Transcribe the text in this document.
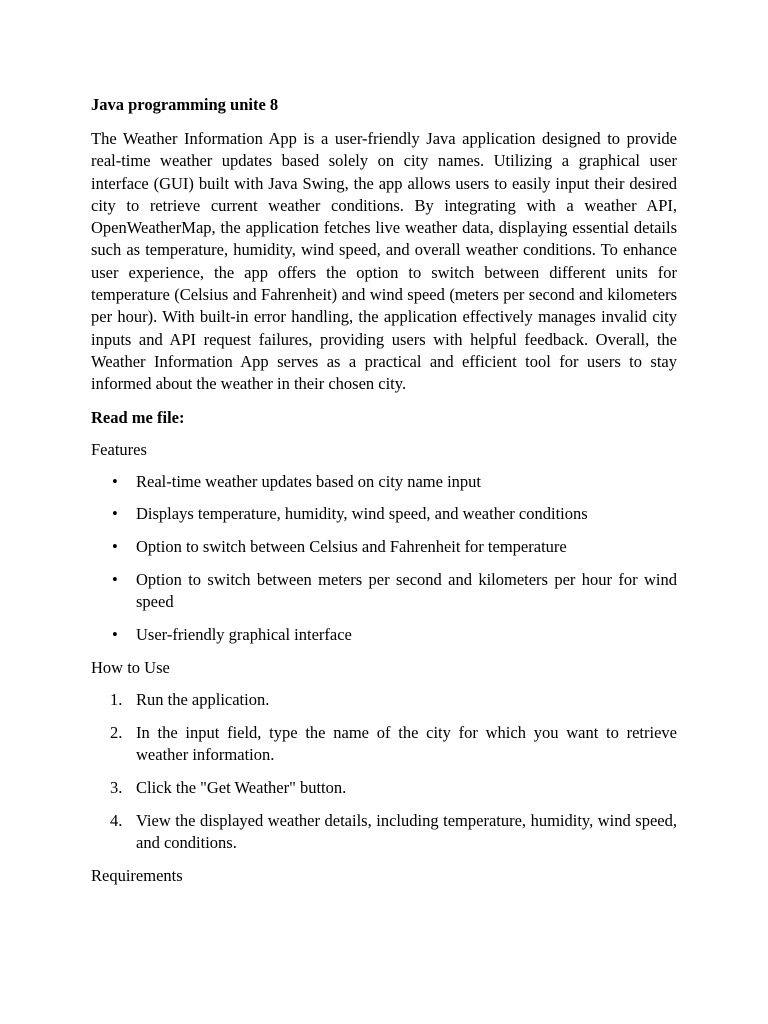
Java programming unite 8

The Weather Information App is a user-friendly Java application designed to provide real-time weather updates based solely on city names. Utilizing a graphical user interface (GUI) built with Java Swing, the app allows users to easily input their desired city to retrieve current weather conditions. By integrating with a weather API, OpenWeatherMap, the application fetches live weather data, displaying essential details such as temperature, humidity, wind speed, and overall weather conditions. To enhance user experience, the app offers the option to switch between different units for temperature (Celsius and Fahrenheit) and wind speed (meters per second and kilometers per hour). With built-in error handling, the application effectively manages invalid city inputs and API request failures, providing users with helpful feedback. Overall, the Weather Information App serves as a practical and efficient tool for users to stay informed about the weather in their chosen city.

Read me file:

Features

• Real-time weather updates based on city name input
• Displays temperature, humidity, wind speed, and weather conditions
• Option to switch between Celsius and Fahrenheit for temperature
• Option to switch between meters per second and kilometers per hour for wind speed
• User-friendly graphical interface

How to Use

1. Run the application.
2. In the input field, type the name of the city for which you want to retrieve weather information.
3. Click the "Get Weather" button.
4. View the displayed weather details, including temperature, humidity, wind speed, and conditions.

Requirements
